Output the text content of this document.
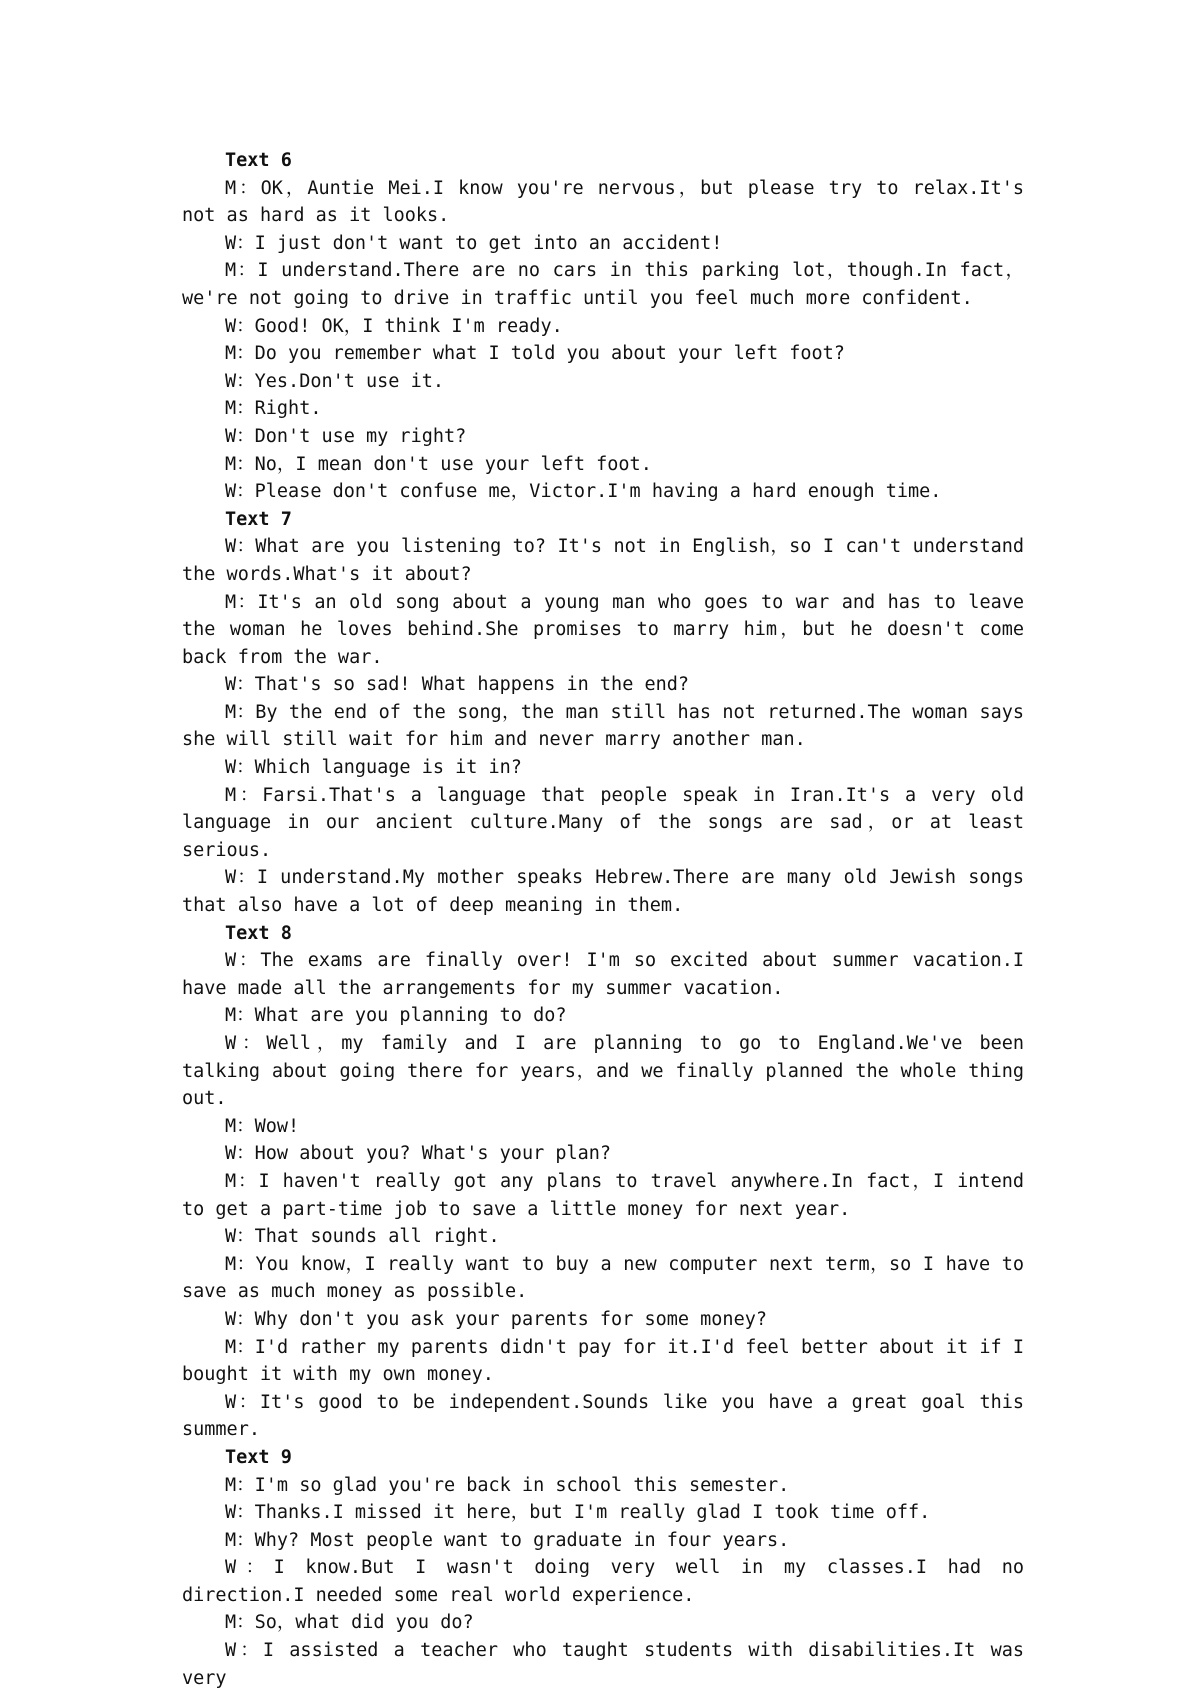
Text 6

M：OK，Auntie Mei.I know you're nervous，but please try to relax.It's not as hard as it looks.

W：I just don't want to get into an accident!

M：I understand.There are no cars in this parking lot，though.In fact，we're not going to drive in traffic until you feel much more confident.

W：Good! OK，I think I'm ready.

M：Do you remember what I told you about your left foot?

W：Yes.Don't use it.

M：Right.

W：Don't use my right?

M：No，I mean don't use your left foot.

W：Please don't confuse me，Victor.I'm having a hard enough time.

Text 7

W：What are you listening to? It's not in English，so I can't understand the words.What's it about?

M：It's an old song about a young man who goes to war and has to leave the woman he loves behind.She promises to marry him，but he doesn't come back from the war.

W：That's so sad! What happens in the end?

M：By the end of the song，the man still has not returned.The woman says she will still wait for him and never marry another man.

W：Which language is it in?

M：Farsi.That's a language that people speak in Iran.It's a very old language in our ancient culture.Many of the songs are sad，or at least serious.

W：I understand.My mother speaks Hebrew.There are many old Jewish songs that also have a lot of deep meaning in them.

Text 8

W：The exams are finally over! I'm so excited about summer vacation.I have made all the arrangements for my summer vacation.

M：What are you planning to do?

W：Well，my family and I are planning to go to England.We've been talking about going there for years，and we finally planned the whole thing out.

M：Wow!

W：How about you? What's your plan?

M：I haven't really got any plans to travel anywhere.In fact，I intend to get a part-time job to save a little money for next year.

W：That sounds all right.

M：You know，I really want to buy a new computer next term，so I have to save as much money as possible.

W：Why don't you ask your parents for some money?

M：I'd rather my parents didn't pay for it.I'd feel better about it if I bought it with my own money.

W：It's good to be independent.Sounds like you have a great goal this summer.

Text 9

M：I'm so glad you're back in school this semester.

W：Thanks.I missed it here，but I'm really glad I took time off.

M：Why? Most people want to graduate in four years.

W：I know.But I wasn't doing very well in my classes.I had no direction.I needed some real world experience.

M：So，what did you do?

W：I assisted a teacher who taught students with disabilities.It was very
